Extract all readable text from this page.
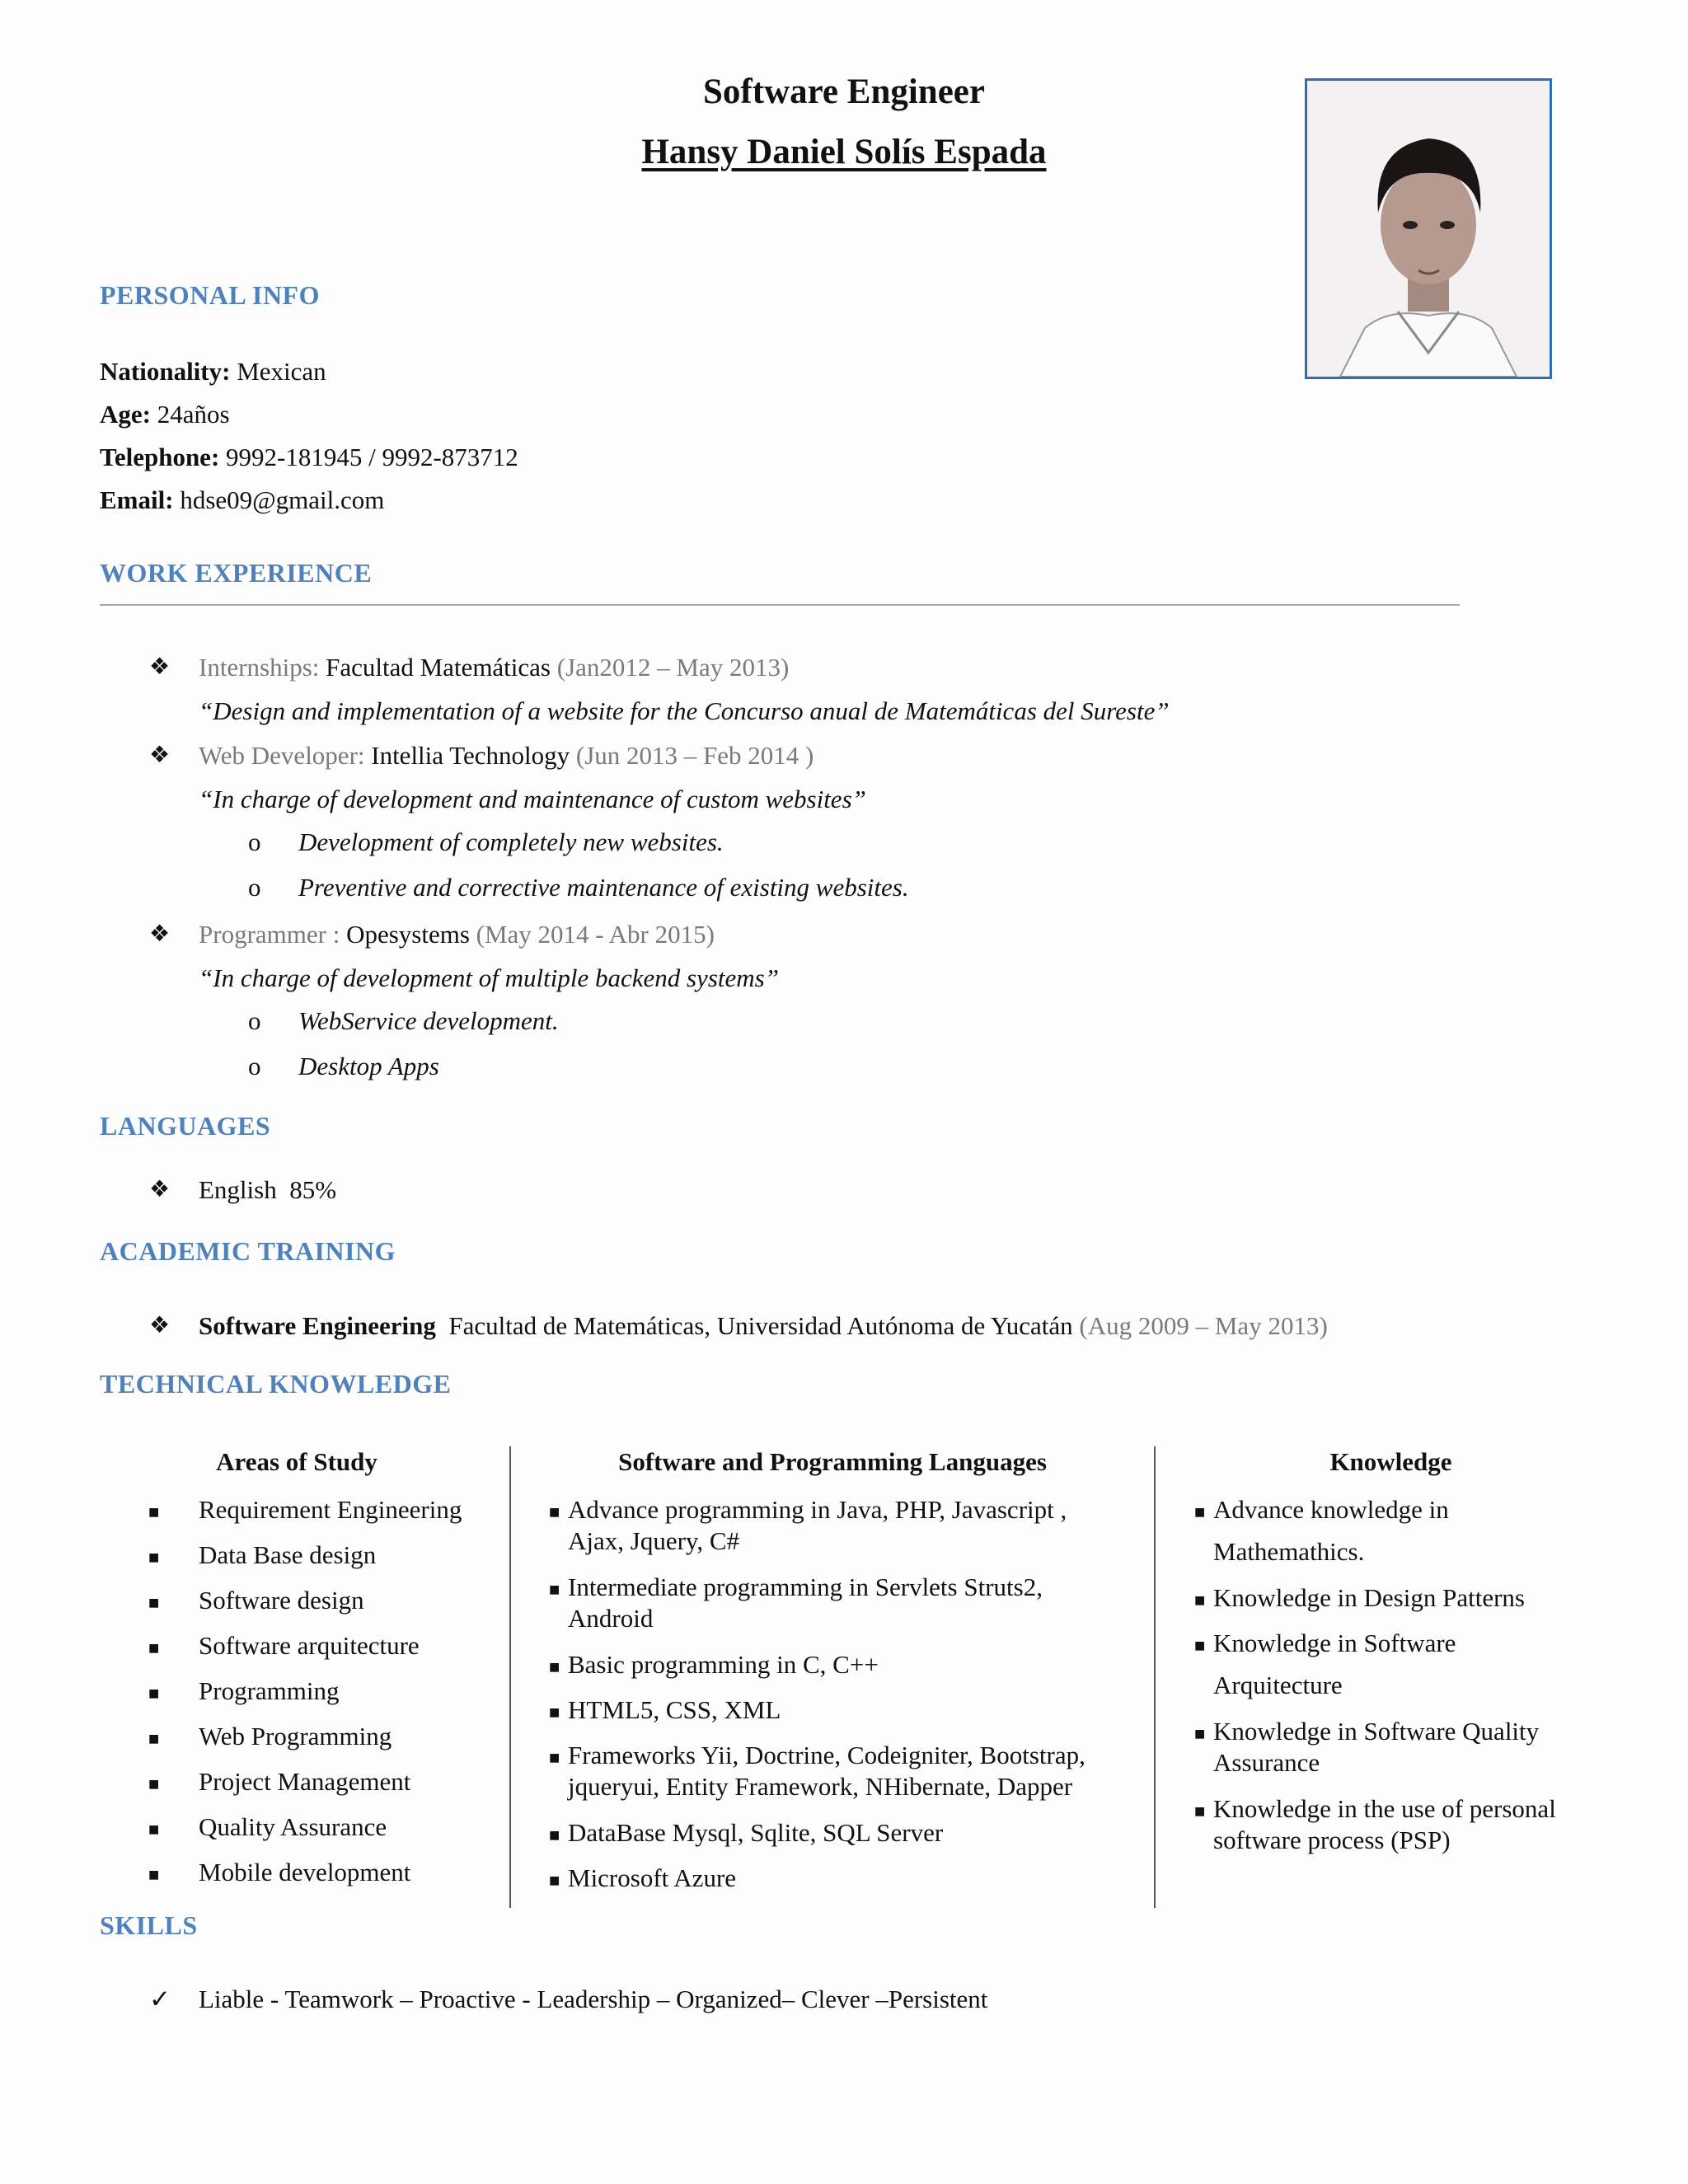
Software Engineer
Hansy Daniel Solís Espada
PERSONAL INFO
Nationality: Mexican
Age: 24años
Telephone: 9992-181945 / 9992-873712
Email: hdse09@gmail.com
WORK EXPERIENCE
❖ Internships: Facultad Matemáticas (Jan2012 – May 2013)
“Design and implementation of a website for the Concurso anual de Matemáticas del Sureste”
❖ Web Developer: Intellia Technology (Jun 2013 – Feb 2014 )
“In charge of development and maintenance of custom websites”
o Development of completely new websites.
o Preventive and corrective maintenance of existing websites.
❖ Programmer : Opesystems (May 2014 - Abr 2015)
“In charge of development of multiple backend systems”
o WebService development.
o Desktop Apps
LANGUAGES
❖ English  85%
ACADEMIC TRAINING
❖ Software Engineering Facultad de Matemáticas, Universidad Autónoma de Yucatán (Aug 2009 – May 2013)
TECHNICAL KNOWLEDGE
Areas of Study
■ Requirement Engineering
■ Data Base design
■ Software design
■ Software arquitecture
■ Programming
■ Web Programming
■ Project Management
■ Quality Assurance
■ Mobile development
Software and Programming Languages
■ Advance programming in Java, PHP, Javascript ,
Ajax, Jquery, C#
■ Intermediate programming in Servlets Struts2,
Android
■ Basic programming in C, C++
■ HTML5, CSS, XML
■ Frameworks Yii, Doctrine, Codeigniter, Bootstrap,
jqueryui, Entity Framework, NHibernate, Dapper
■ DataBase Mysql, Sqlite, SQL Server
■ Microsoft Azure
Knowledge
■ Advance knowledge in
Mathemathics.
■ Knowledge in Design Patterns
■ Knowledge in Software
Arquitecture
■ Knowledge in Software Quality
Assurance
■ Knowledge in the use of personal
software process (PSP)
SKILLS
✓ Liable - Teamwork – Proactive - Leadership – Organized– Clever –Persistent
